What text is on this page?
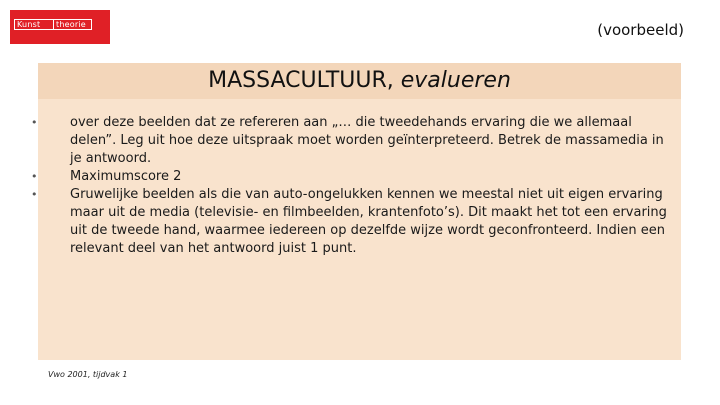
Kunst	theorie	(voorbeeld)
MASSACULTUUR, evalueren
•	over deze beelden dat ze refereren aan „… die tweedehands ervaring die we allemaal delen”. Leg uit hoe deze uitspraak moet worden geïnterpreteerd. Betrek de massamedia in je antwoord.
•	Maximumscore 2
•	Gruwelijke beelden als die van auto-ongelukken kennen we meestal niet uit eigen ervaring maar uit de media (televisie- en filmbeelden, krantenfoto’s). Dit maakt het tot een ervaring uit de tweede hand, waarmee iedereen op dezelfde wijze wordt geconfronteerd. Indien een relevant deel van het antwoord juist 1 punt.
Vwo 2001, tijdvak 1
